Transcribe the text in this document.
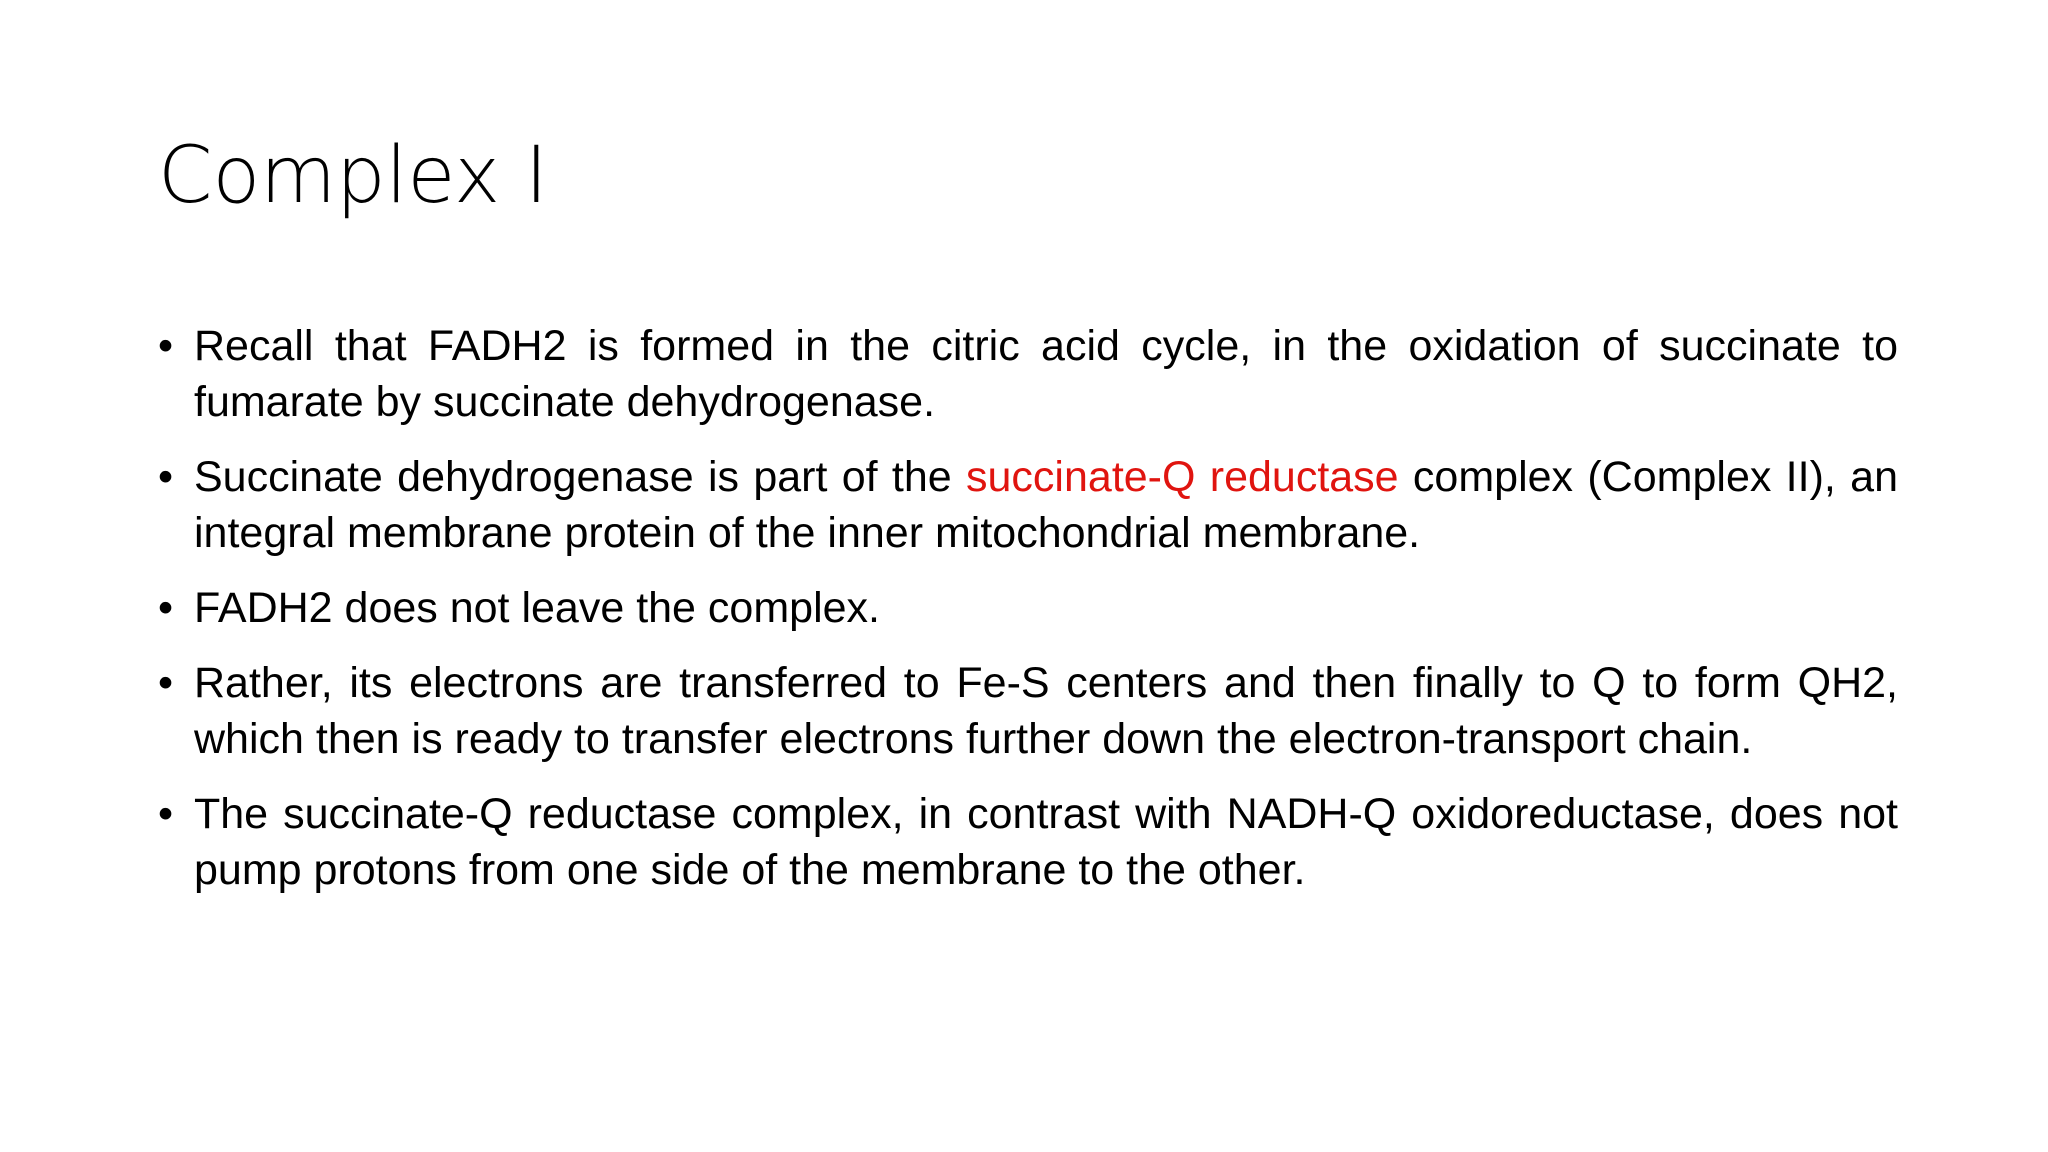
Complex I
• Recall that FADH2 is formed in the citric acid cycle, in the oxidation of succinate to fumarate by succinate dehydrogenase.
• Succinate dehydrogenase is part of the succinate-Q reductase complex (Complex II), an integral membrane protein of the inner mitochondrial membrane.
• FADH2 does not leave the complex.
• Rather, its electrons are transferred to Fe-S centers and then finally to Q to form QH2, which then is ready to transfer electrons further down the electron-transport chain.
• The succinate-Q reductase complex, in contrast with NADH-Q oxidoreductase, does not pump protons from one side of the membrane to the other.
